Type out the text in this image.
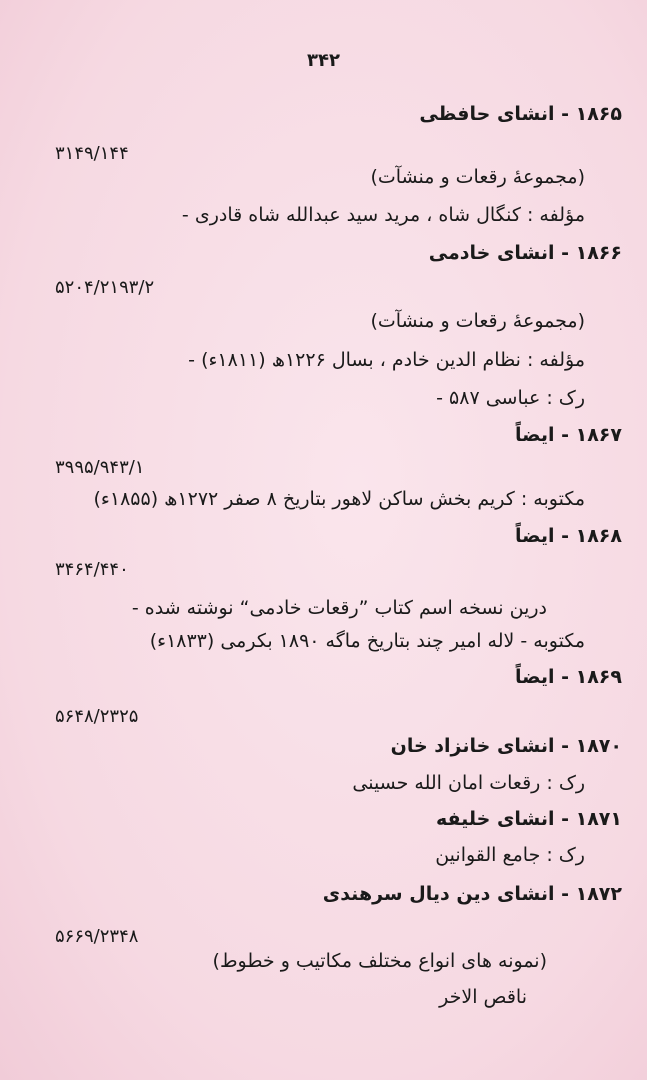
۳۴۲
۱۸۶۵ - انشای حافظی
۳۱۴۹/۱۴۴
(مجموعهٔ رقعات و منشآت)
مؤلفه : کنگال شاه ، مرید سید عبدالله شاه قادری -
۱۸۶۶ - انشای خادمی
۵۲۰۴/۲۱۹۳/۲
(مجموعهٔ رقعات و منشآت)
مؤلفه : نظام الدین خادم ، بسال ۱۲۲۶ھ (۱۸۱۱ء) -
رک : عباسی ۵۸۷ -
۱۸۶۷ - ایضاً
۳۹۹۵/۹۴۳/۱
مکتوبه : کریم بخش ساکن لاهور بتاریخ ۸ صفر ۱۲۷۲ھ (۱۸۵۵ء)
۱۸۶۸ - ایضاً
۳۴۶۴/۴۴۰
درین نسخه اسم کتاب ”رقعات خادمی“ نوشته شده -
مکتوبه - لاله امیر چند بتاریخ ماگه ۱۸۹۰ بکرمی (۱۸۳۳ء)
۱۸۶۹ - ایضاً
۵۶۴۸/۲۳۲۵
۱۸۷۰ - انشای خانزاد خان
رک : رقعات امان الله حسینی
۱۸۷۱ - انشای خلیفه
رک : جامع القوانین
۱۸۷۲ - انشای دین دیال سرهندی
۵۶۶۹/۲۳۴۸
(نمونه های انواع مختلف مکاتیب و خطوط)
ناقص الاخر
